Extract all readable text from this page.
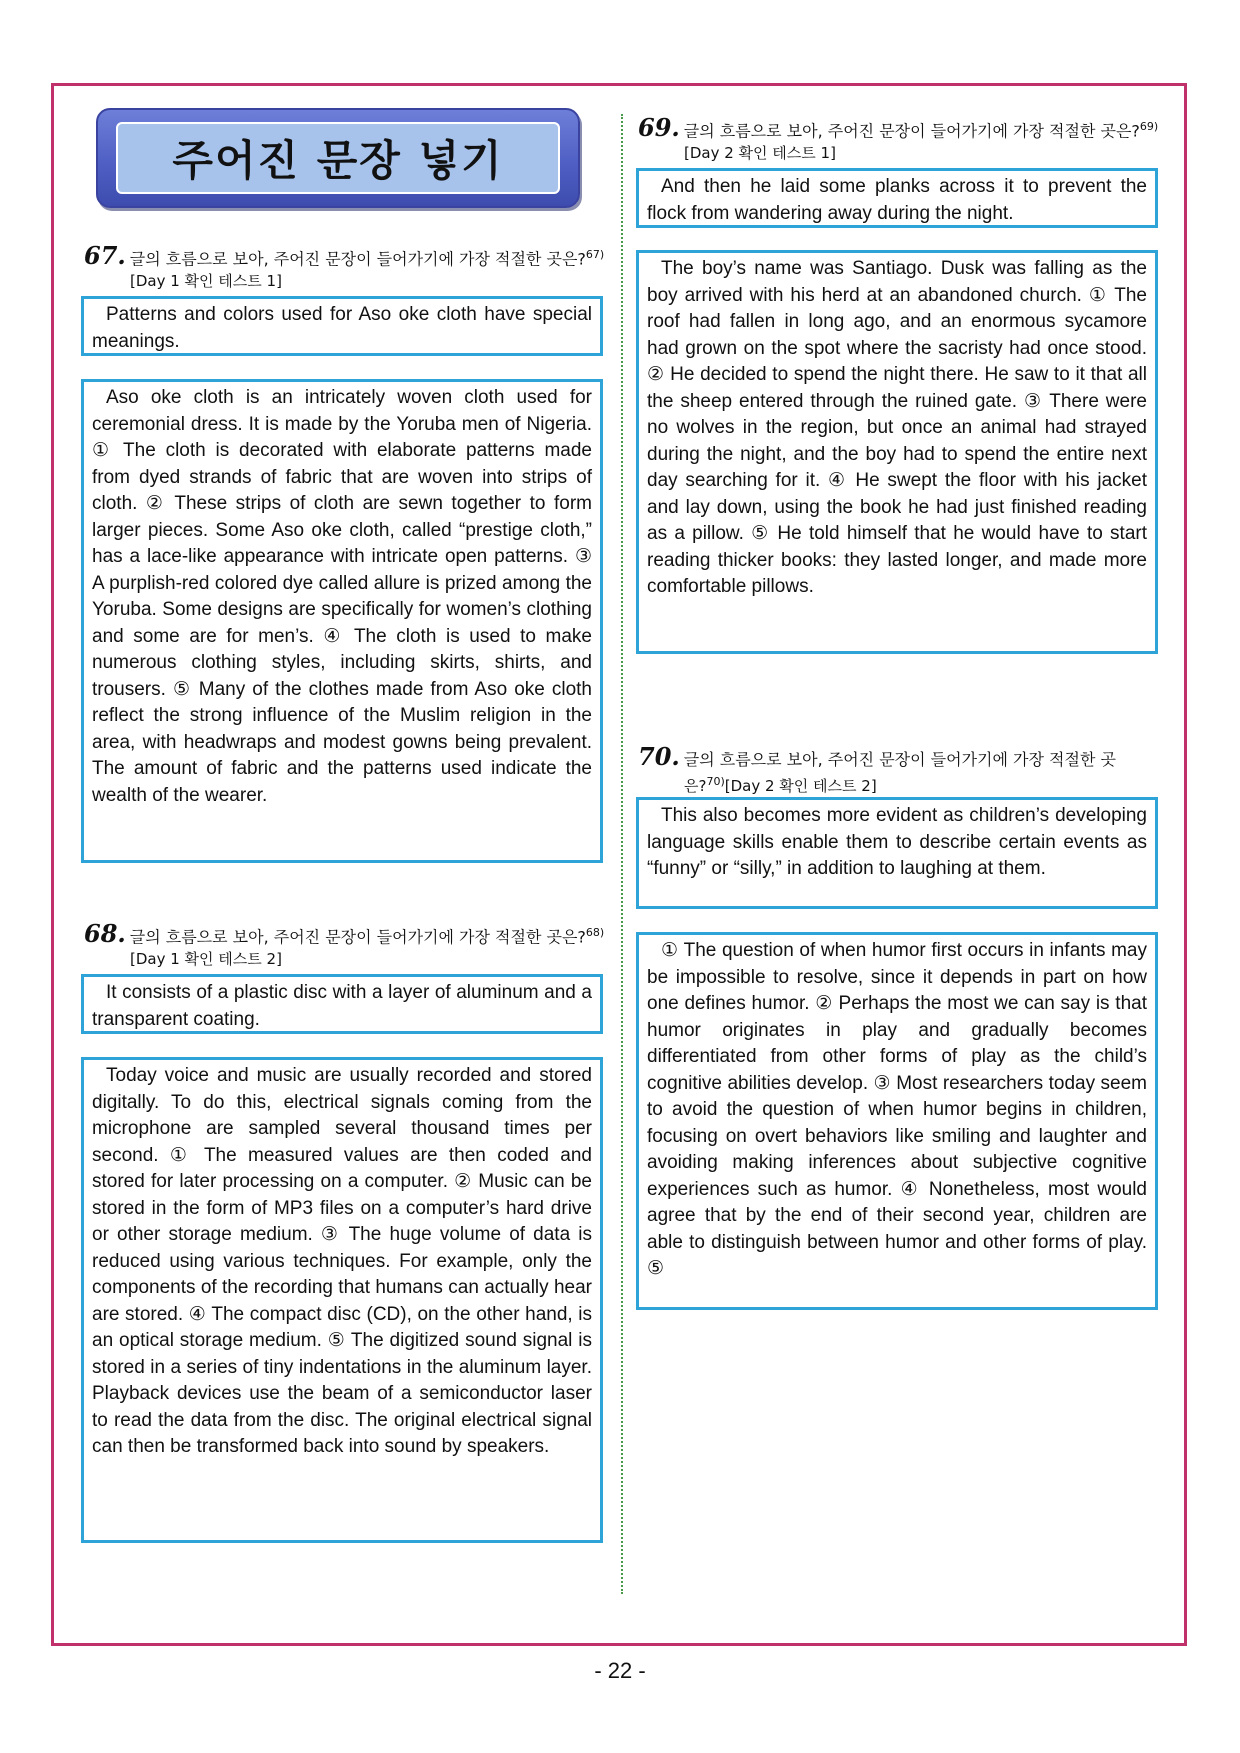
주어진 문장 넣기
67. 글의 흐름으로 보아, 주어진 문장이 들어가기에 가장 적절한 곳은?$^{67)}$
[Day 1 확인 테스트 1]
Patterns and colors used for Aso oke cloth have special meanings.
Aso oke cloth is an intricately woven cloth used for ceremonial dress. It is made by the Yoruba men of Nigeria. ① The cloth is decorated with elaborate patterns made from dyed strands of fabric that are woven into strips of cloth. ② These strips of cloth are sewn together to form larger pieces. Some Aso oke cloth, called “prestige cloth,” has a lace-like appearance with intricate open patterns. ③ A purplish-red colored dye called allure is prized among the Yoruba. Some designs are specifically for women’s clothing and some are for men’s. ④ The cloth is used to make numerous clothing styles, including skirts, shirts, and trousers. ⑤ Many of the clothes made from Aso oke cloth reflect the strong influence of the Muslim religion in the area, with headwraps and modest gowns being prevalent. The amount of fabric and the patterns used indicate the wealth of the wearer.
68. 글의 흐름으로 보아, 주어진 문장이 들어가기에 가장 적절한 곳은?$^{68)}$
[Day 1 확인 테스트 2]
It consists of a plastic disc with a layer of aluminum and a transparent coating.
Today voice and music are usually recorded and stored digitally. To do this, electrical signals coming from the microphone are sampled several thousand times per second. ① The measured values are then coded and stored for later processing on a computer. ② Music can be stored in the form of MP3 files on a computer’s hard drive or other storage medium. ③ The huge volume of data is reduced using various techniques. For example, only the components of the recording that humans can actually hear are stored. ④ The compact disc (CD), on the other hand, is an optical storage medium. ⑤ The digitized sound signal is stored in a series of tiny indentations in the aluminum layer. Playback devices use the beam of a semiconductor laser to read the data from the disc. The original electrical signal can then be transformed back into sound by speakers.
69. 글의 흐름으로 보아, 주어진 문장이 들어가기에 가장 적절한 곳은?$^{69)}$
[Day 2 확인 테스트 1]
And then he laid some planks across it to prevent the flock from wandering away during the night.
The boy’s name was Santiago. Dusk was falling as the boy arrived with his herd at an abandoned church. ① The roof had fallen in long ago, and an enormous sycamore had grown on the spot where the sacristy had once stood. ② He decided to spend the night there. He saw to it that all the sheep entered through the ruined gate. ③ There were no wolves in the region, but once an animal had strayed during the night, and the boy had to spend the entire next day searching for it. ④ He swept the floor with his jacket and lay down, using the book he had just finished reading as a pillow. ⑤ He told himself that he would have to start reading thicker books: they lasted longer, and made more comfortable pillows.
70. 글의 흐름으로 보아, 주어진 문장이 들어가기에 가장 적절한 곳
은?$^{70)}$[Day 2 확인 테스트 2]
This also becomes more evident as children’s developing language skills enable them to describe certain events as “funny” or “silly,” in addition to laughing at them.
① The question of when humor first occurs in infants may be impossible to resolve, since it depends in part on how one defines humor. ② Perhaps the most we can say is that humor originates in play and gradually becomes differentiated from other forms of play as the child’s cognitive abilities develop. ③ Most researchers today seem to avoid the question of when humor begins in children, focusing on overt behaviors like smiling and laughter and avoiding making inferences about subjective cognitive experiences such as humor. ④ Nonetheless, most would agree that by the end of their second year, children are able to distinguish between humor and other forms of play. ⑤
- 22 -
